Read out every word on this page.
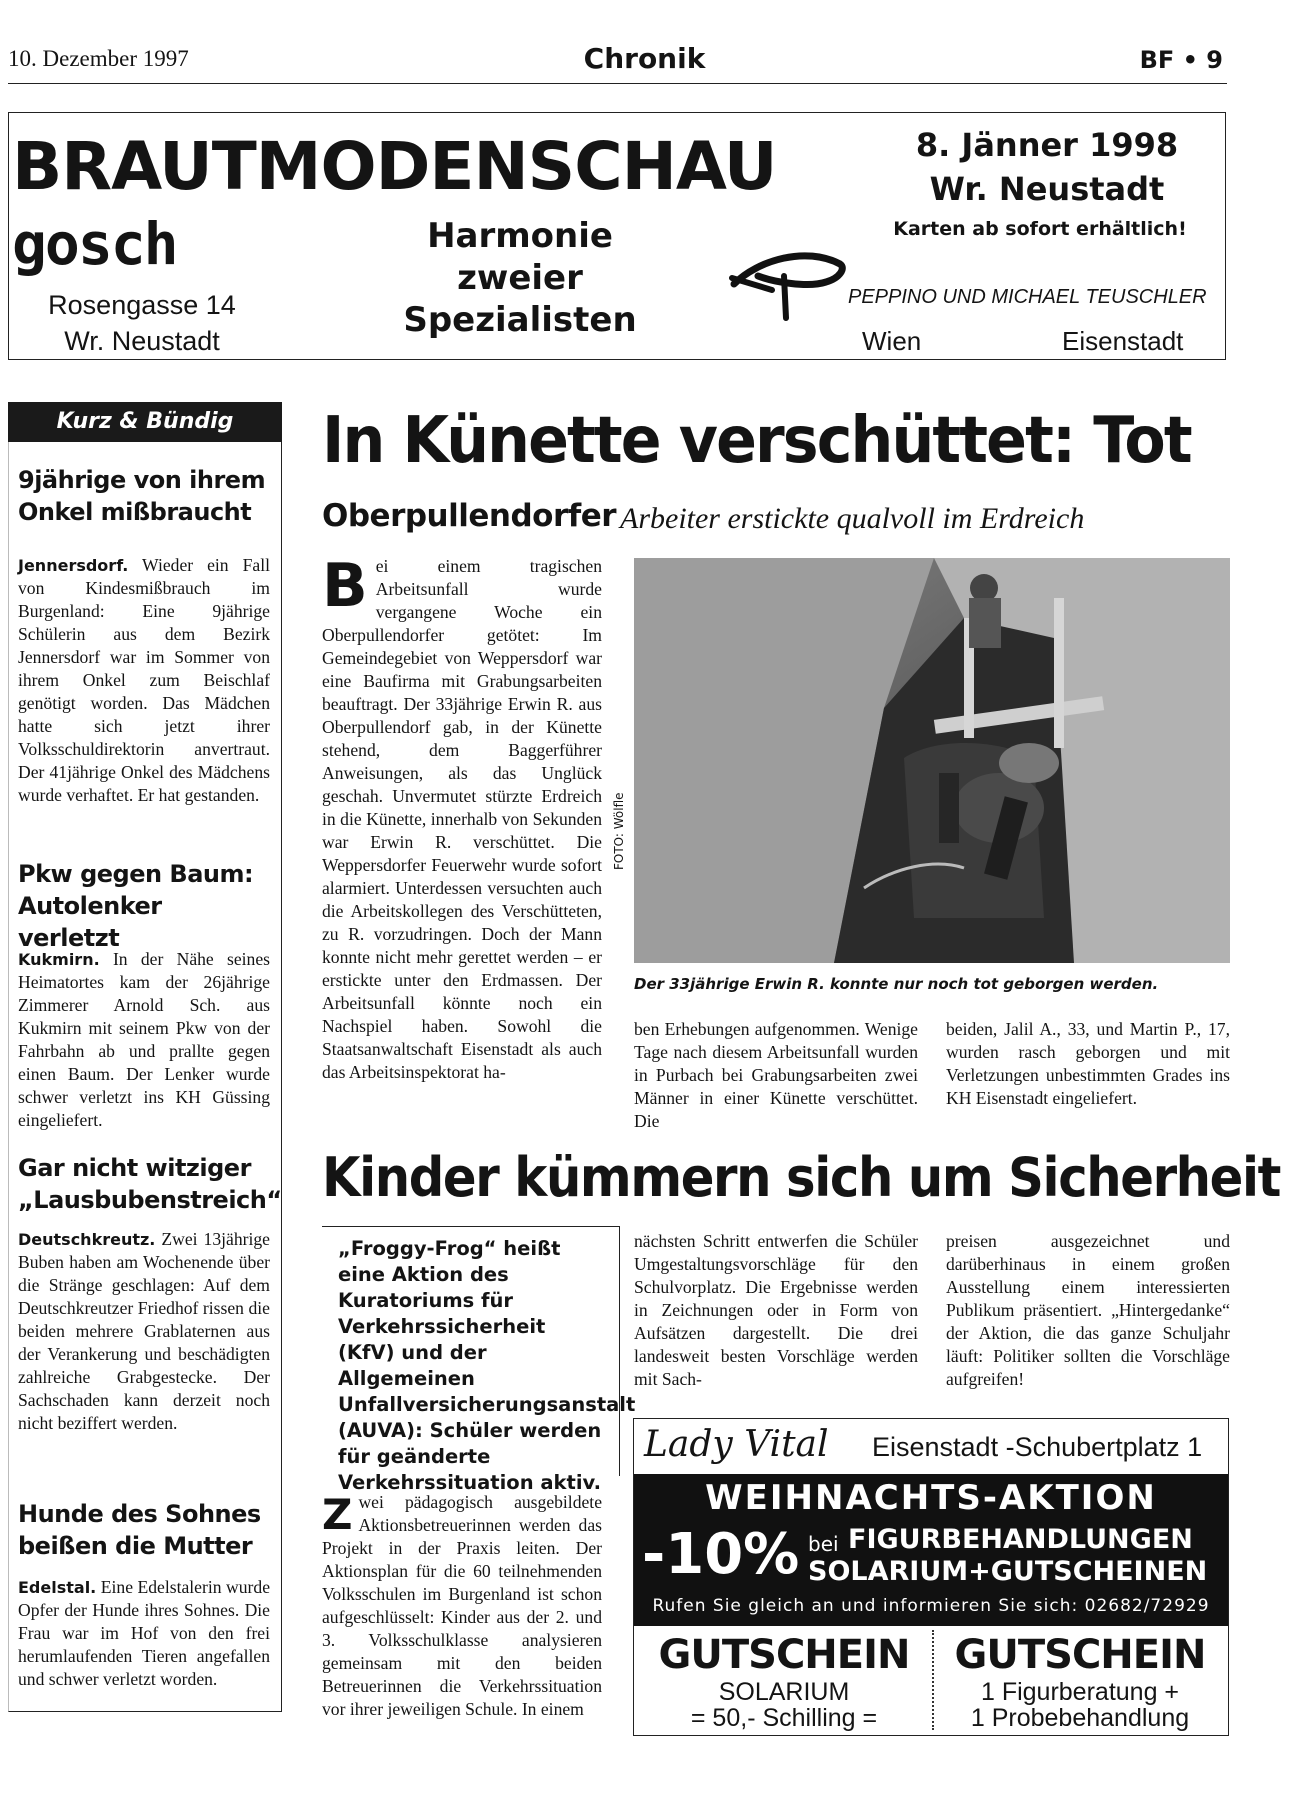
10. Dezember 1997	Chronik	BF • 9
BRAUTMODENSCHAU	8. Jänner 1998
Wr. Neustadt
Karten ab sofort erhältlich!
gosch
Rosengasse 14
Wr. Neustadt
Harmonie
zweier
Spezialisten
PEPPINO UND MICHAEL TEUSCHLER
Wien	Eisenstadt
Kurz & Bündig
9jährige von ihrem Onkel mißbraucht
Jennersdorf. Wieder ein Fall von Kindesmißbrauch im Burgenland: Eine 9jährige Schülerin aus dem Bezirk Jennersdorf war im Sommer von ihrem Onkel zum Beischlaf genötigt worden. Das Mädchen hatte sich jetzt ihrer Volksschuldirektorin anvertraut. Der 41jährige Onkel des Mädchens wurde verhaftet. Er hat gestanden.
Pkw gegen Baum: Autolenker verletzt
Kukmirn. In der Nähe seines Heimatortes kam der 26jährige Zimmerer Arnold Sch. aus Kukmirn mit seinem Pkw von der Fahrbahn ab und prallte gegen einen Baum. Der Lenker wurde schwer verletzt ins KH Güssing eingeliefert.
Gar nicht witziger „Lausbubenstreich“
Deutschkreutz. Zwei 13jährige Buben haben am Wochenende über die Stränge geschlagen: Auf dem Deutschkreutzer Friedhof rissen die beiden mehrere Grablaternen aus der Verankerung und beschädigten zahlreiche Grabgestecke. Der Sachschaden kann derzeit noch nicht beziffert werden.
Hunde des Sohnes beißen die Mutter
Edelstal. Eine Edelstalerin wurde Opfer der Hunde ihres Sohnes. Die Frau war im Hof von den frei herumlaufenden Tieren angefallen und schwer verletzt worden.
In Künette verschüttet: Tot
Oberpullendorfer Arbeiter erstickte qualvoll im Erdreich
Bei einem tragischen Arbeitsunfall wurde vergangene Woche ein Oberpullendorfer getötet: Im Gemeindegebiet von Weppersdorf war eine Baufirma mit Grabungsarbeiten beauftragt. Der 33jährige Erwin R. aus Oberpullendorf gab, in der Künette stehend, dem Baggerführer Anweisungen, als das Unglück geschah. Unvermutet stürzte Erdreich in die Künette, innerhalb von Sekunden war Erwin R. verschüttet. Die Weppersdorfer Feuerwehr wurde sofort alarmiert. Unterdessen versuchten auch die Arbeitskollegen des Verschütteten, zu R. vorzudringen. Doch der Mann konnte nicht mehr gerettet werden – er erstickte unter den Erdmassen. Der Arbeitsunfall könnte noch ein Nachspiel haben. Sowohl die Staatsanwaltschaft Eisenstadt als auch das Arbeitsinspektorat ha-
FOTO: Wölfle
Der 33jährige Erwin R. konnte nur noch tot geborgen werden.
ben Erhebungen aufgenommen. Wenige Tage nach diesem Arbeitsunfall wurden in Purbach bei Grabungsarbeiten zwei Männer in einer Künette verschüttet. Die
beiden, Jalil A., 33, und Martin P., 17, wurden rasch geborgen und mit Verletzungen unbestimmten Grades ins KH Eisenstadt eingeliefert.
Kinder kümmern sich um Sicherheit
„Froggy-Frog“ heißt eine Aktion des Kuratoriums für Verkehrssicherheit (KfV) und der Allgemeinen Unfallversicherungsanstalt (AUVA): Schüler werden für geänderte Verkehrssituation aktiv.
Zwei pädagogisch ausgebildete Aktionsbetreuerinnen werden das Projekt in der Praxis leiten. Der Aktionsplan für die 60 teilnehmenden Volksschulen im Burgenland ist schon aufgeschlüsselt: Kinder aus der 2. und 3. Volksschulklasse analysieren gemeinsam mit den beiden Betreuerinnen die Verkehrssituation vor ihrer jeweiligen Schule. In einem
nächsten Schritt entwerfen die Schüler Umgestaltungsvorschläge für den Schulvorplatz. Die Ergebnisse werden in Zeichnungen oder in Form von Aufsätzen dargestellt. Die drei landesweit besten Vorschläge werden mit Sach-
preisen ausgezeichnet und darüberhinaus in einem großen Ausstellung einem interessierten Publikum präsentiert. „Hintergedanke“ der Aktion, die das ganze Schuljahr läuft: Politiker sollten die Vorschläge aufgreifen!
Lady Vital Eisenstadt -Schubertplatz 1
WEIHNACHTS-AKTION
-10% bei FIGURBEHANDLUNGEN
SOLARIUM+GUTSCHEINEN
Rufen Sie gleich an und informieren Sie sich: 02682/72929
GUTSCHEIN
SOLARIUM
= 50,- Schilling =
GUTSCHEIN
1 Figurberatung +
1 Probebehandlung
